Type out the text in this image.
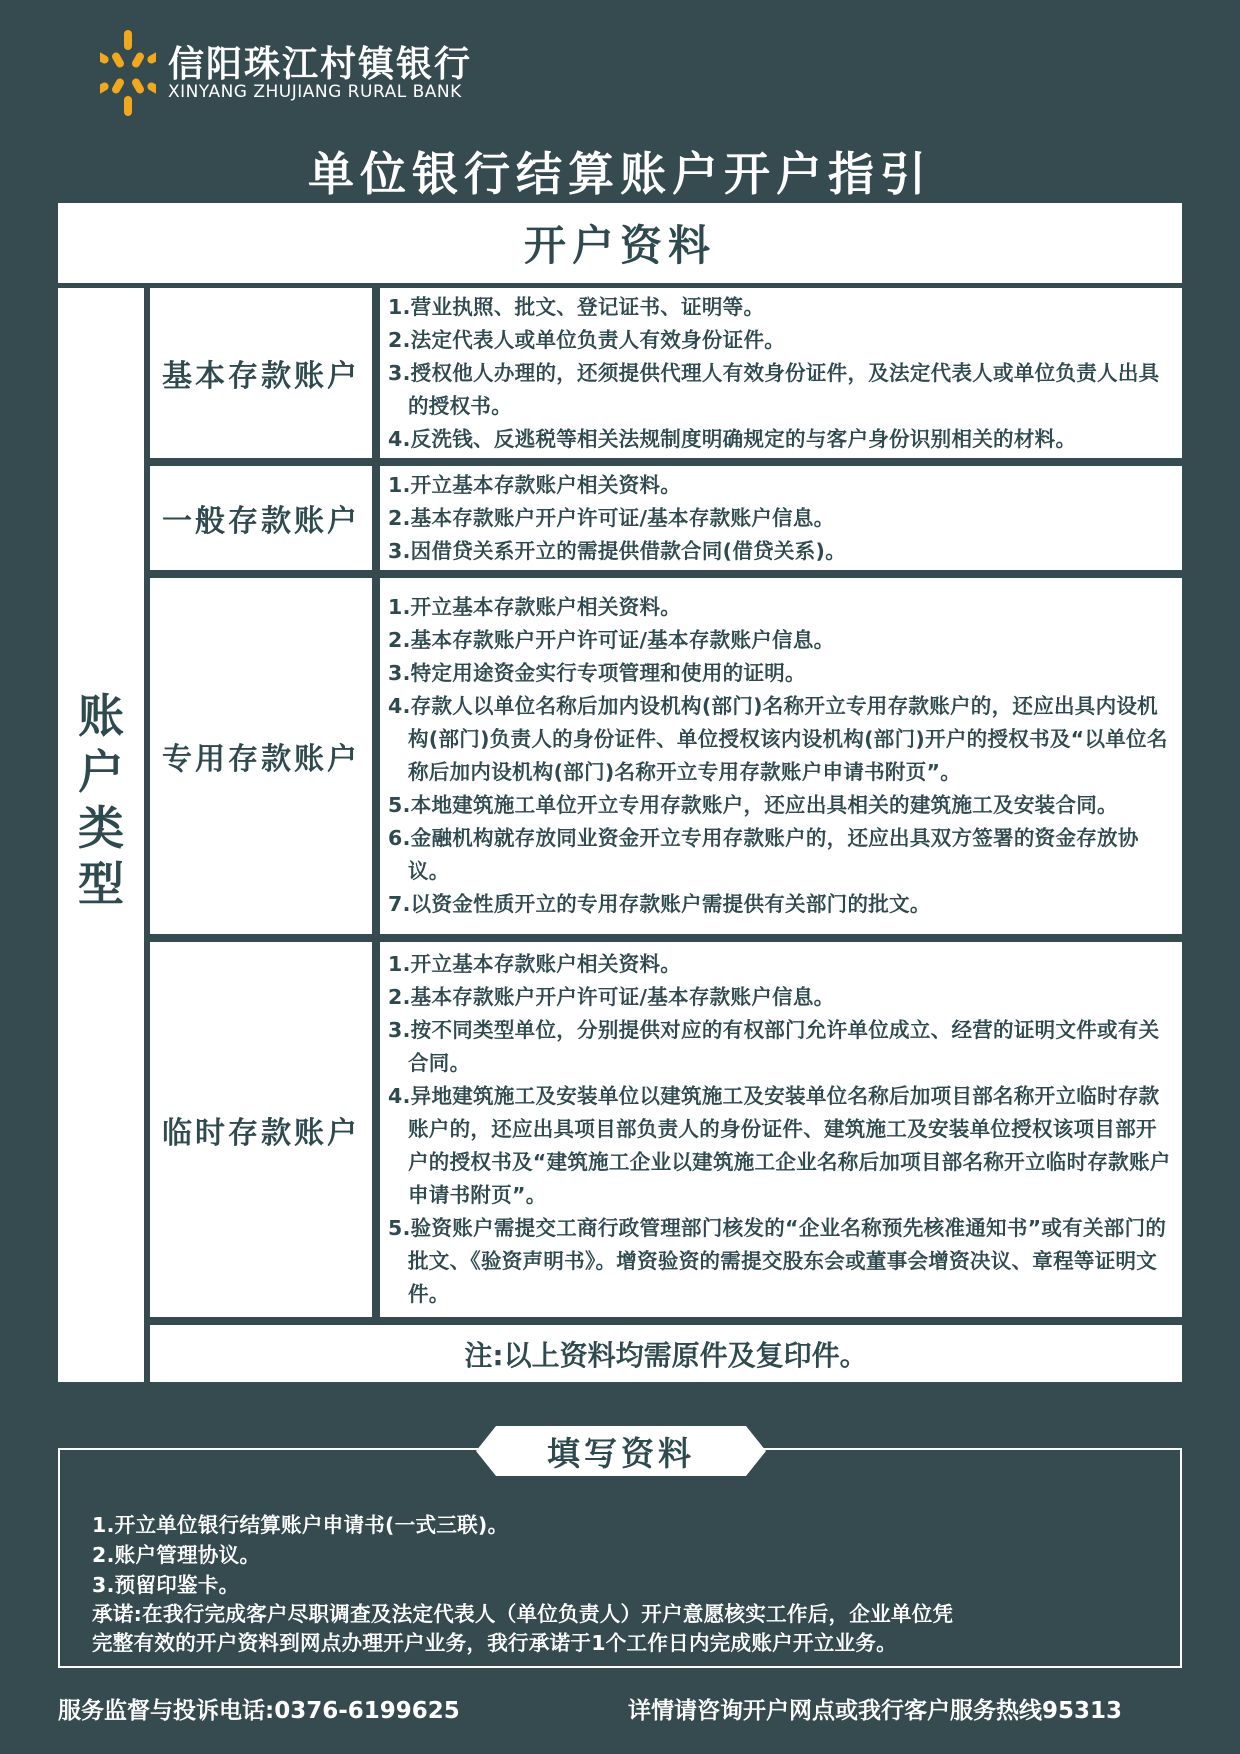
信阳珠江村镇银行
XINYANG ZHUJIANG RURAL BANK
单位银行结算账户开户指引
开户资料
账
户
类
型
基本存款账户
1.营业执照、批文、登记证书、证明等。
2.法定代表人或单位负责人有效身份证件。
3.授权他人办理的，还须提供代理人有效身份证件，及法定代表人或单位负责人出具的授权书。
4.反洗钱、反逃税等相关法规制度明确规定的与客户身份识别相关的材料。
一般存款账户
1.开立基本存款账户相关资料。
2.基本存款账户开户许可证/基本存款账户信息。
3.因借贷关系开立的需提供借款合同(借贷关系)。
专用存款账户
1.开立基本存款账户相关资料。
2.基本存款账户开户许可证/基本存款账户信息。
3.特定用途资金实行专项管理和使用的证明。
4.存款人以单位名称后加内设机构(部门)名称开立专用存款账户的，还应出具内设机构(部门)负责人的身份证件、单位授权该内设机构(部门)开户的授权书及“以单位名称后加内设机构(部门)名称开立专用存款账户申请书附页”。
5.本地建筑施工单位开立专用存款账户，还应出具相关的建筑施工及安装合同。
6.金融机构就存放同业资金开立专用存款账户的，还应出具双方签署的资金存放协议。
7.以资金性质开立的专用存款账户需提供有关部门的批文。
临时存款账户
1.开立基本存款账户相关资料。
2.基本存款账户开户许可证/基本存款账户信息。
3.按不同类型单位，分别提供对应的有权部门允许单位成立、经营的证明文件或有关合同。
4.异地建筑施工及安装单位以建筑施工及安装单位名称后加项目部名称开立临时存款账户的，还应出具项目部负责人的身份证件、建筑施工及安装单位授权该项目部开户的授权书及“建筑施工企业以建筑施工企业名称后加项目部名称开立临时存款账户申请书附页”。
5.验资账户需提交工商行政管理部门核发的“企业名称预先核准通知书”或有关部门的批文、《验资声明书》。增资验资的需提交股东会或董事会增资决议、章程等证明文件。
注:以上资料均需原件及复印件。
填写资料
1.开立单位银行结算账户申请书(一式三联)。
2.账户管理协议。
3.预留印鉴卡。
承诺:在我行完成客户尽职调查及法定代表人（单位负责人）开户意愿核实工作后，企业单位凭
完整有效的开户资料到网点办理开户业务，我行承诺于1个工作日内完成账户开立业务。
服务监督与投诉电话:0376-6199625	详情请咨询开户网点或我行客户服务热线95313
